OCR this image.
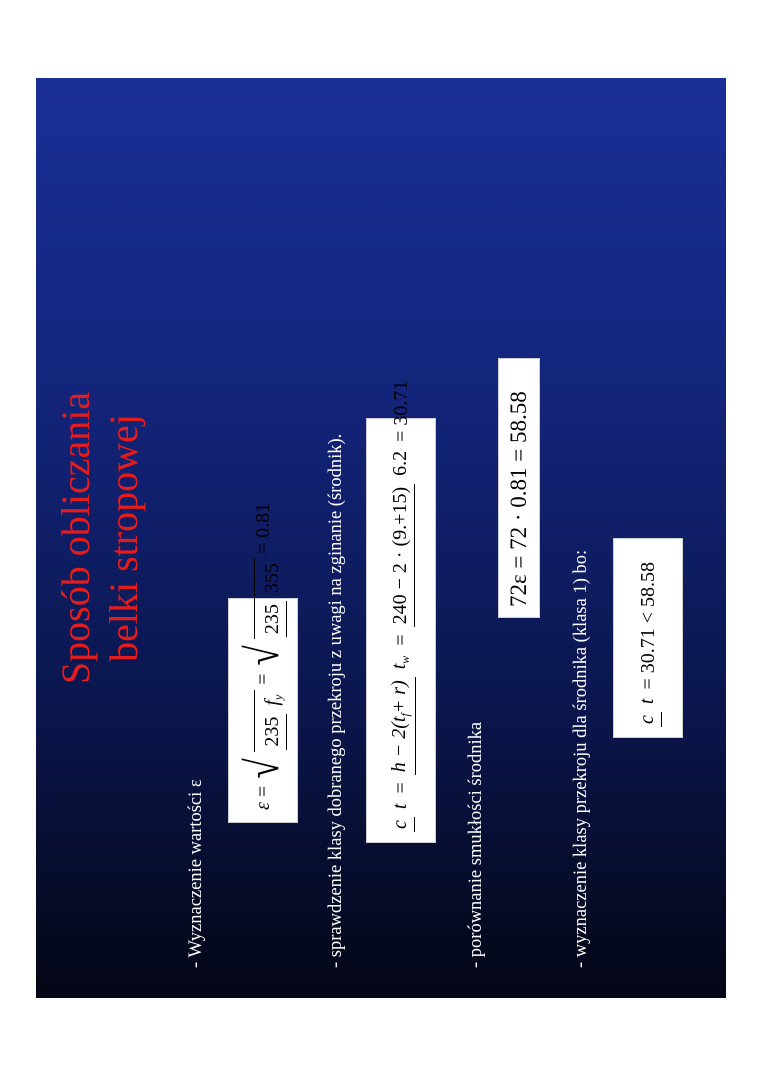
Sposób obliczania belki stropowej
- Wyznaczenie wartości ε ε
=
√
235 fy
=
√
235 355
= 0.81	- sprawdzenie klasy dobranego przekroju z uwagi na zginanie (środnik). c t
=
h − 2(tf+ r) tw
=
240 − 2 · (9.+15) 6.2
= 30.71
- porównanie smukłości środnika
72ε = 72 · 0.81 = 58.58
- wyznaczenie klasy przekroju dla środnika (klasa 1) bo: c t
= 30.71 < 58.58
